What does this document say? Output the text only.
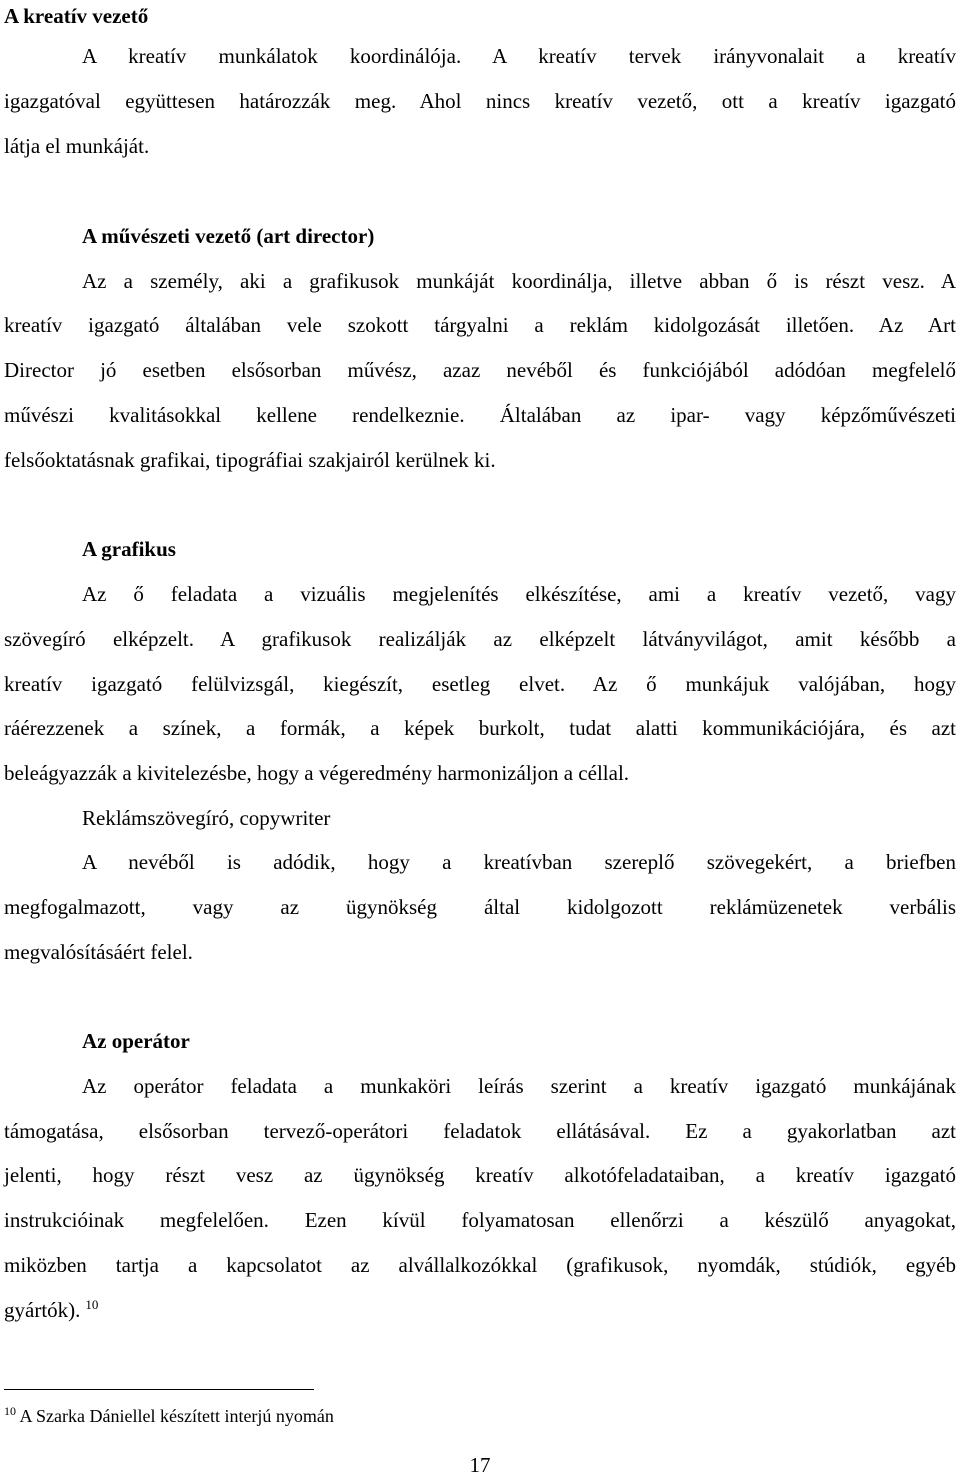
A kreatív vezető
A kreatív munkálatok koordinálója. A kreatív tervek irányvonalait a kreatív
igazgatóval együttesen határozzák meg. Ahol nincs kreatív vezető, ott a kreatív igazgató
látja el munkáját.
A művészeti vezető (art director)
Az a személy, aki a grafikusok munkáját koordinálja, illetve abban ő is részt vesz. A
kreatív igazgató általában vele szokott tárgyalni a reklám kidolgozását illetően. Az Art
Director jó esetben elsősorban művész, azaz nevéből és funkciójából adódóan megfelelő
művészi kvalitásokkal kellene rendelkeznie. Általában az ipar- vagy képzőművészeti
felsőoktatásnak grafikai, tipográfiai szakjairól kerülnek ki.
A grafikus
Az ő feladata a vizuális megjelenítés elkészítése, ami a kreatív vezető, vagy
szövegíró elképzelt. A grafikusok realizálják az elképzelt látványvilágot, amit később a
kreatív igazgató felülvizsgál, kiegészít, esetleg elvet. Az ő munkájuk valójában, hogy
ráérezzenek a színek, a formák, a képek burkolt, tudat alatti kommunikációjára, és azt
beleágyazzák a kivitelezésbe, hogy a végeredmény harmonizáljon a céllal.
Reklámszövegíró, copywriter
A nevéből is adódik, hogy a kreatívban szereplő szövegekért, a briefben
megfogalmazott, vagy az ügynökség által kidolgozott reklámüzenetek verbális
megvalósításáért felel.
Az operátor
Az operátor feladata a munkaköri leírás szerint a kreatív igazgató munkájának
támogatása, elsősorban tervező-operátori feladatok ellátásával. Ez a gyakorlatban azt
jelenti, hogy részt vesz az ügynökség kreatív alkotófeladataiban, a kreatív igazgató
instrukcióinak megfelelően. Ezen kívül folyamatosan ellenőrzi a készülő anyagokat,
miközben tartja a kapcsolatot az alvállalkozókkal (grafikusok, nyomdák, stúdiók, egyéb
gyártók). $^{10}$
$^{10}$ A Szarka Dániellel készített interjú nyomán
17
